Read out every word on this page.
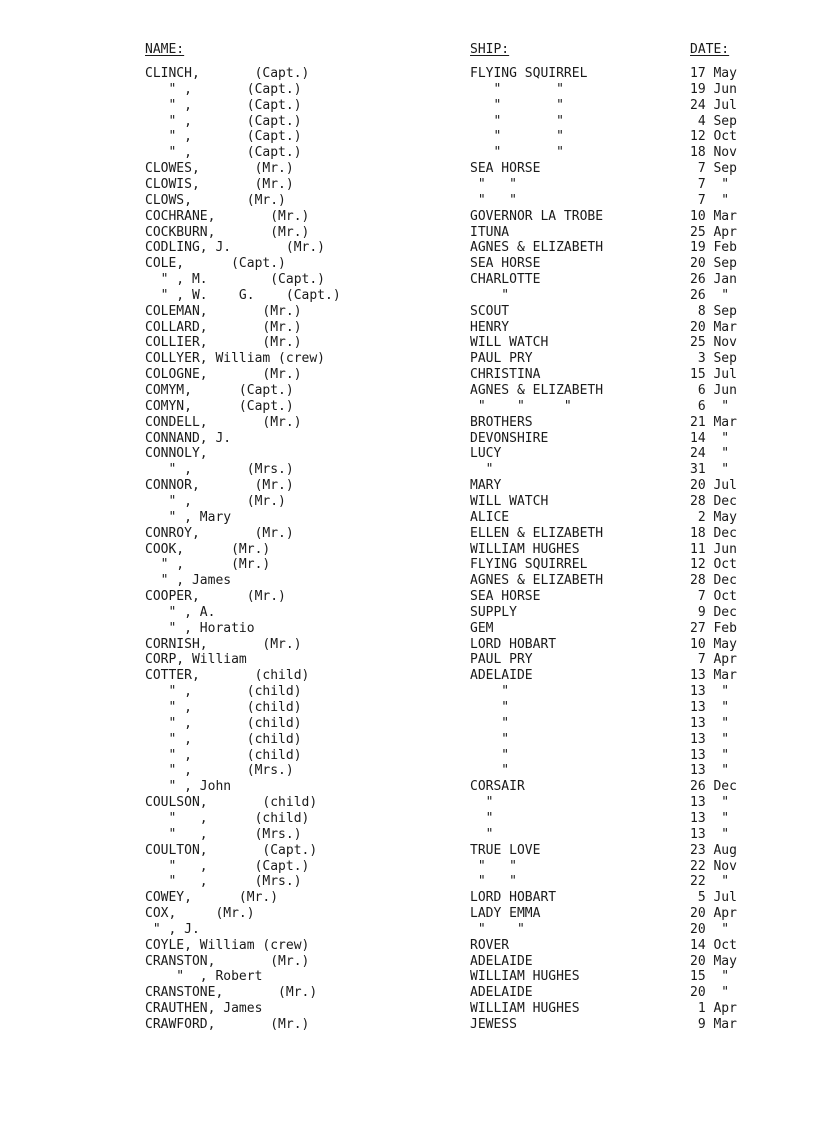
NAME:	SHIP:	DATE:
CLINCH,       (Capt.)	FLYING SQUIRREL	17 May
" ,       (Capt.)	"       "	19 Jun
" ,       (Capt.)	"       "	24 Jul
" ,       (Capt.)	"       "	4 Sep
" ,       (Capt.)	"       "	12 Oct
" ,       (Capt.)	"       "	18 Nov
CLOWES,       (Mr.)	SEA HORSE	7 Sep
CLOWIS,       (Mr.)	"   "	7  "
CLOWS,       (Mr.)	"   "	7  "
COCHRANE,       (Mr.)	GOVERNOR LA TROBE	10 Mar
COCKBURN,       (Mr.)	ITUNA	25 Apr
CODLING, J.       (Mr.)	AGNES & ELIZABETH	19 Feb
COLE,      (Capt.)	SEA HORSE	20 Sep
" , M.        (Capt.)	CHARLOTTE	26 Jan
" , W.    G.    (Capt.)	"	26  "
COLEMAN,       (Mr.)	SCOUT	8 Sep
COLLARD,       (Mr.)	HENRY	20 Mar
COLLIER,       (Mr.)	WILL WATCH	25 Nov
COLLYER, William (crew)	PAUL PRY	3 Sep
COLOGNE,       (Mr.)	CHRISTINA	15 Jul
COMYM,      (Capt.)	AGNES & ELIZABETH	6 Jun
COMYN,      (Capt.)	"    "     "	6  "
CONDELL,       (Mr.)	BROTHERS	21 Mar
CONNAND, J.	DEVONSHIRE	14  "
CONNOLY,	LUCY	24  "
" ,       (Mrs.)	"	31  "
CONNOR,       (Mr.)	MARY	20 Jul
" ,       (Mr.)	WILL WATCH	28 Dec
" , Mary	ALICE	2 May
CONROY,       (Mr.)	ELLEN & ELIZABETH	18 Dec
COOK,      (Mr.)	WILLIAM HUGHES	11 Jun
" ,      (Mr.)	FLYING SQUIRREL	12 Oct
" , James	AGNES & ELIZABETH	28 Dec
COOPER,      (Mr.)	SEA HORSE	7 Oct
" , A.	SUPPLY	9 Dec
" , Horatio	GEM	27 Feb
CORNISH,       (Mr.)	LORD HOBART	10 May
CORP, William	PAUL PRY	7 Apr
COTTER,       (child)	ADELAIDE	13 Mar
" ,       (child)	"	13  "
" ,       (child)	"	13  "
" ,       (child)	"	13  "
" ,       (child)	"	13  "
" ,       (child)	"	13  "
" ,       (Mrs.)	"	13  "
" , John	CORSAIR	26 Dec
COULSON,       (child)	"	13  "
"   ,      (child)	"	13  "
"   ,      (Mrs.)	"	13  "
COULTON,       (Capt.)	TRUE LOVE	23 Aug
"   ,      (Capt.)	"   "	22 Nov
"   ,      (Mrs.)	"   "	22  "
COWEY,      (Mr.)	LORD HOBART	5 Jul
COX,     (Mr.)	LADY EMMA	20 Apr
" , J.	"    "	20  "
COYLE, William (crew)	ROVER	14 Oct
CRANSTON,       (Mr.)	ADELAIDE	20 May
"  , Robert	WILLIAM HUGHES	15  "
CRANSTONE,       (Mr.)	ADELAIDE	20  "
CRAUTHEN, James	WILLIAM HUGHES	1 Apr
CRAWFORD,       (Mr.)	JEWESS	9 Mar
